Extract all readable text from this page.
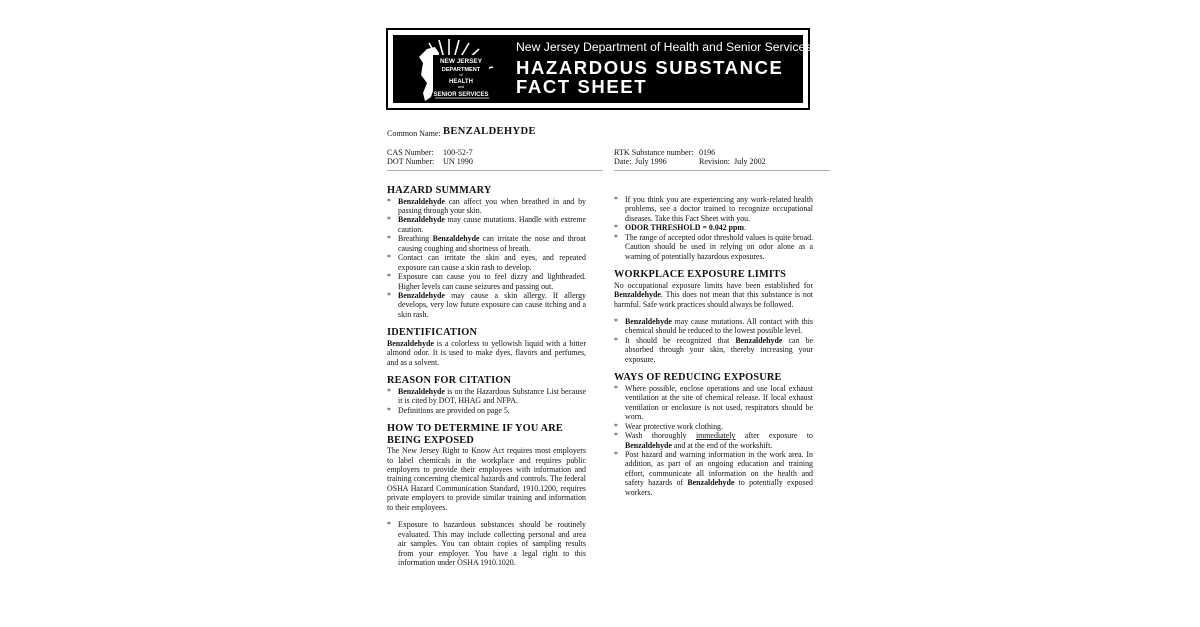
NEW JERSEY
DEPARTMENT
of
HEALTH
and
SENIOR SERVICES
New Jersey Department of Health and Senior Services
HAZARDOUS SUBSTANCE
FACT SHEET
Common Name: BENZALDEHYDE
CAS Number: 100-52-7
DOT Number: UN 1990
RTK Substance number: 0196
Date: July 1996	Revision: July 2002
------------------------------------------------------------------------------------------------------------ ------------------------------------------------------------------------------------------------------------
HAZARD SUMMARY

* Benzaldehyde can affect you when breathed in and by passing through your skin.

* Benzaldehyde may cause mutations. Handle with extreme caution.

* Breathing Benzaldehyde can irritate the nose and throat causing coughing and shortness of breath.

* Contact can irritate the skin and eyes, and repeated exposure can cause a skin rash to develop.

* Exposure can cause you to feel dizzy and lightheaded. Higher levels can cause seizures and passing out.

* Benzaldehyde may cause a skin allergy. If allergy develops, very low future exposure can cause itching and a skin rash.

IDENTIFICATION

Benzaldehyde is a colorless to yellowish liquid with a bitter almond odor. It is used to make dyes, flavors and perfumes, and as a solvent.

REASON FOR CITATION

* Benzaldehyde is on the Hazardous Substance List because it is cited by DOT, HHAG and NFPA.

* Definitions are provided on page 5.

HOW TO DETERMINE IF YOU ARE BEING EXPOSED

The New Jersey Right to Know Act requires most employers to label chemicals in the workplace and requires public employers to provide their employees with information and training concerning chemical hazards and controls. The federal OSHA Hazard Communication Standard, 1910.1200, requires private employers to provide similar training and information to their employees.

* Exposure to hazardous substances should be routinely evaluated. This may include collecting personal and area air samples. You can obtain copies of sampling results from your employer. You have a legal right to this information under OSHA 1910.1020.

* If you think you are experiencing any work-related health problems, see a doctor trained to recognize occupational diseases. Take this Fact Sheet with you.

* ODOR THRESHOLD = 0.042 ppm.

* The range of accepted odor threshold values is quite broad. Caution should be used in relying on odor alone as a warning of potentially hazardous exposures.

WORKPLACE EXPOSURE LIMITS

No occupational exposure limits have been established for Benzaldehyde. This does not mean that this substance is not harmful. Safe work practices should always be followed.

* Benzaldehyde may cause mutations. All contact with this chemical should be reduced to the lowest possible level.

* It should be recognized that Benzaldehyde can be absorbed through your skin, thereby increasing your exposure.

WAYS OF REDUCING EXPOSURE

* Where possible, enclose operations and use local exhaust ventilation at the site of chemical release. If local exhaust ventilation or enclosure is not used, respirators should be worn.

* Wear protective work clothing.

* Wash thoroughly immediately after exposure to Benzaldehyde and at the end of the workshift.

* Post hazard and warning information in the work area. In addition, as part of an ongoing education and training effort, communicate all information on the health and safety hazards of Benzaldehyde to potentially exposed workers.
